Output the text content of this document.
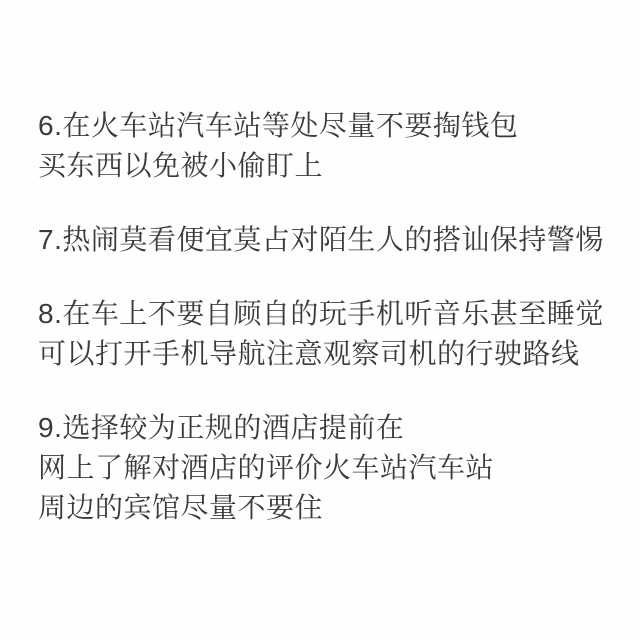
6.在火车站汽车站等处尽量不要掏钱包
买东西以免被小偷盯上
7.热闹莫看便宜莫占对陌生人的搭讪保持警惕
8.在车上不要自顾自的玩手机听音乐甚至睡觉
可以打开手机导航注意观察司机的行驶路线
9.选择较为正规的酒店提前在
网上了解对酒店的评价火车站汽车站
周边的宾馆尽量不要住
